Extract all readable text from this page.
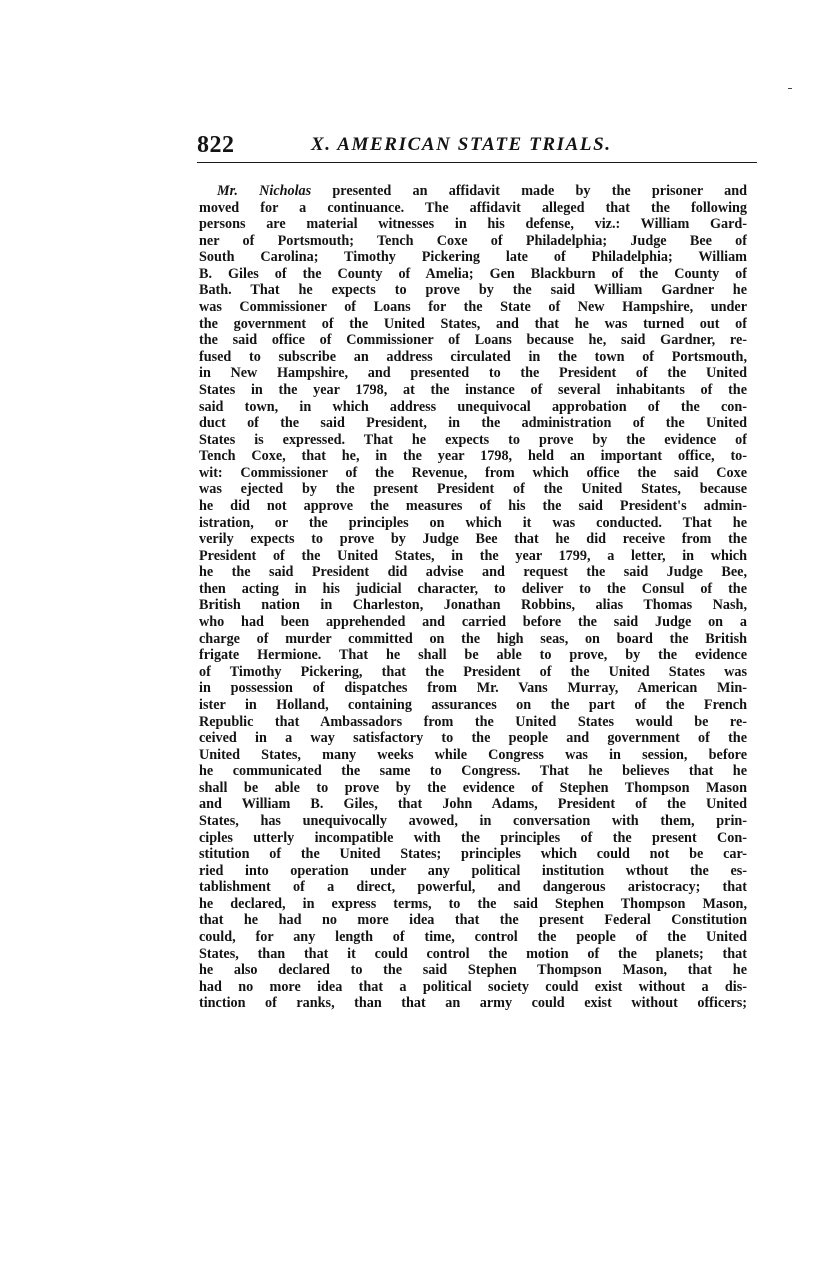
822	X. AMERICAN STATE TRIALS.
Mr. Nicholas presented an affidavit made by the prisoner and
moved for a continuance. The affidavit alleged that the following
persons are material witnesses in his defense, viz.: William Gard-
ner of Portsmouth; Tench Coxe of Philadelphia; Judge Bee of
South Carolina; Timothy Pickering late of Philadelphia; William
B. Giles of the County of Amelia; Gen Blackburn of the County of
Bath. That he expects to prove by the said William Gardner he
was Commissioner of Loans for the State of New Hampshire, under
the government of the United States, and that he was turned out of
the said office of Commissioner of Loans because he, said Gardner, re-
fused to subscribe an address circulated in the town of Portsmouth,
in New Hampshire, and presented to the President of the United
States in the year 1798, at the instance of several inhabitants of the
said town, in which address unequivocal approbation of the con-
duct of the said President, in the administration of the United
States is expressed. That he expects to prove by the evidence of
Tench Coxe, that he, in the year 1798, held an important office, to-
wit: Commissioner of the Revenue, from which office the said Coxe
was ejected by the present President of the United States, because
he did not approve the measures of his the said President's admin-
istration, or the principles on which it was conducted. That he
verily expects to prove by Judge Bee that he did receive from the
President of the United States, in the year 1799, a letter, in which
he the said President did advise and request the said Judge Bee,
then acting in his judicial character, to deliver to the Consul of the
British nation in Charleston, Jonathan Robbins, alias Thomas Nash,
who had been apprehended and carried before the said Judge on a
charge of murder committed on the high seas, on board the British
frigate Hermione. That he shall be able to prove, by the evidence
of Timothy Pickering, that the President of the United States was
in possession of dispatches from Mr. Vans Murray, American Min-
ister in Holland, containing assurances on the part of the French
Republic that Ambassadors from the United States would be re-
ceived in a way satisfactory to the people and government of the
United States, many weeks while Congress was in session, before
he communicated the same to Congress. That he believes that he
shall be able to prove by the evidence of Stephen Thompson Mason
and William B. Giles, that John Adams, President of the United
States, has unequivocally avowed, in conversation with them, prin-
ciples utterly incompatible with the principles of the present Con-
stitution of the United States; principles which could not be car-
ried into operation under any political institution wthout the es-
tablishment of a direct, powerful, and dangerous aristocracy; that
he declared, in express terms, to the said Stephen Thompson Mason,
that he had no more idea that the present Federal Constitution
could, for any length of time, control the people of the United
States, than that it could control the motion of the planets; that
he also declared to the said Stephen Thompson Mason, that he
had no more idea that a political society could exist without a dis-
tinction of ranks, than that an army could exist without officers;
